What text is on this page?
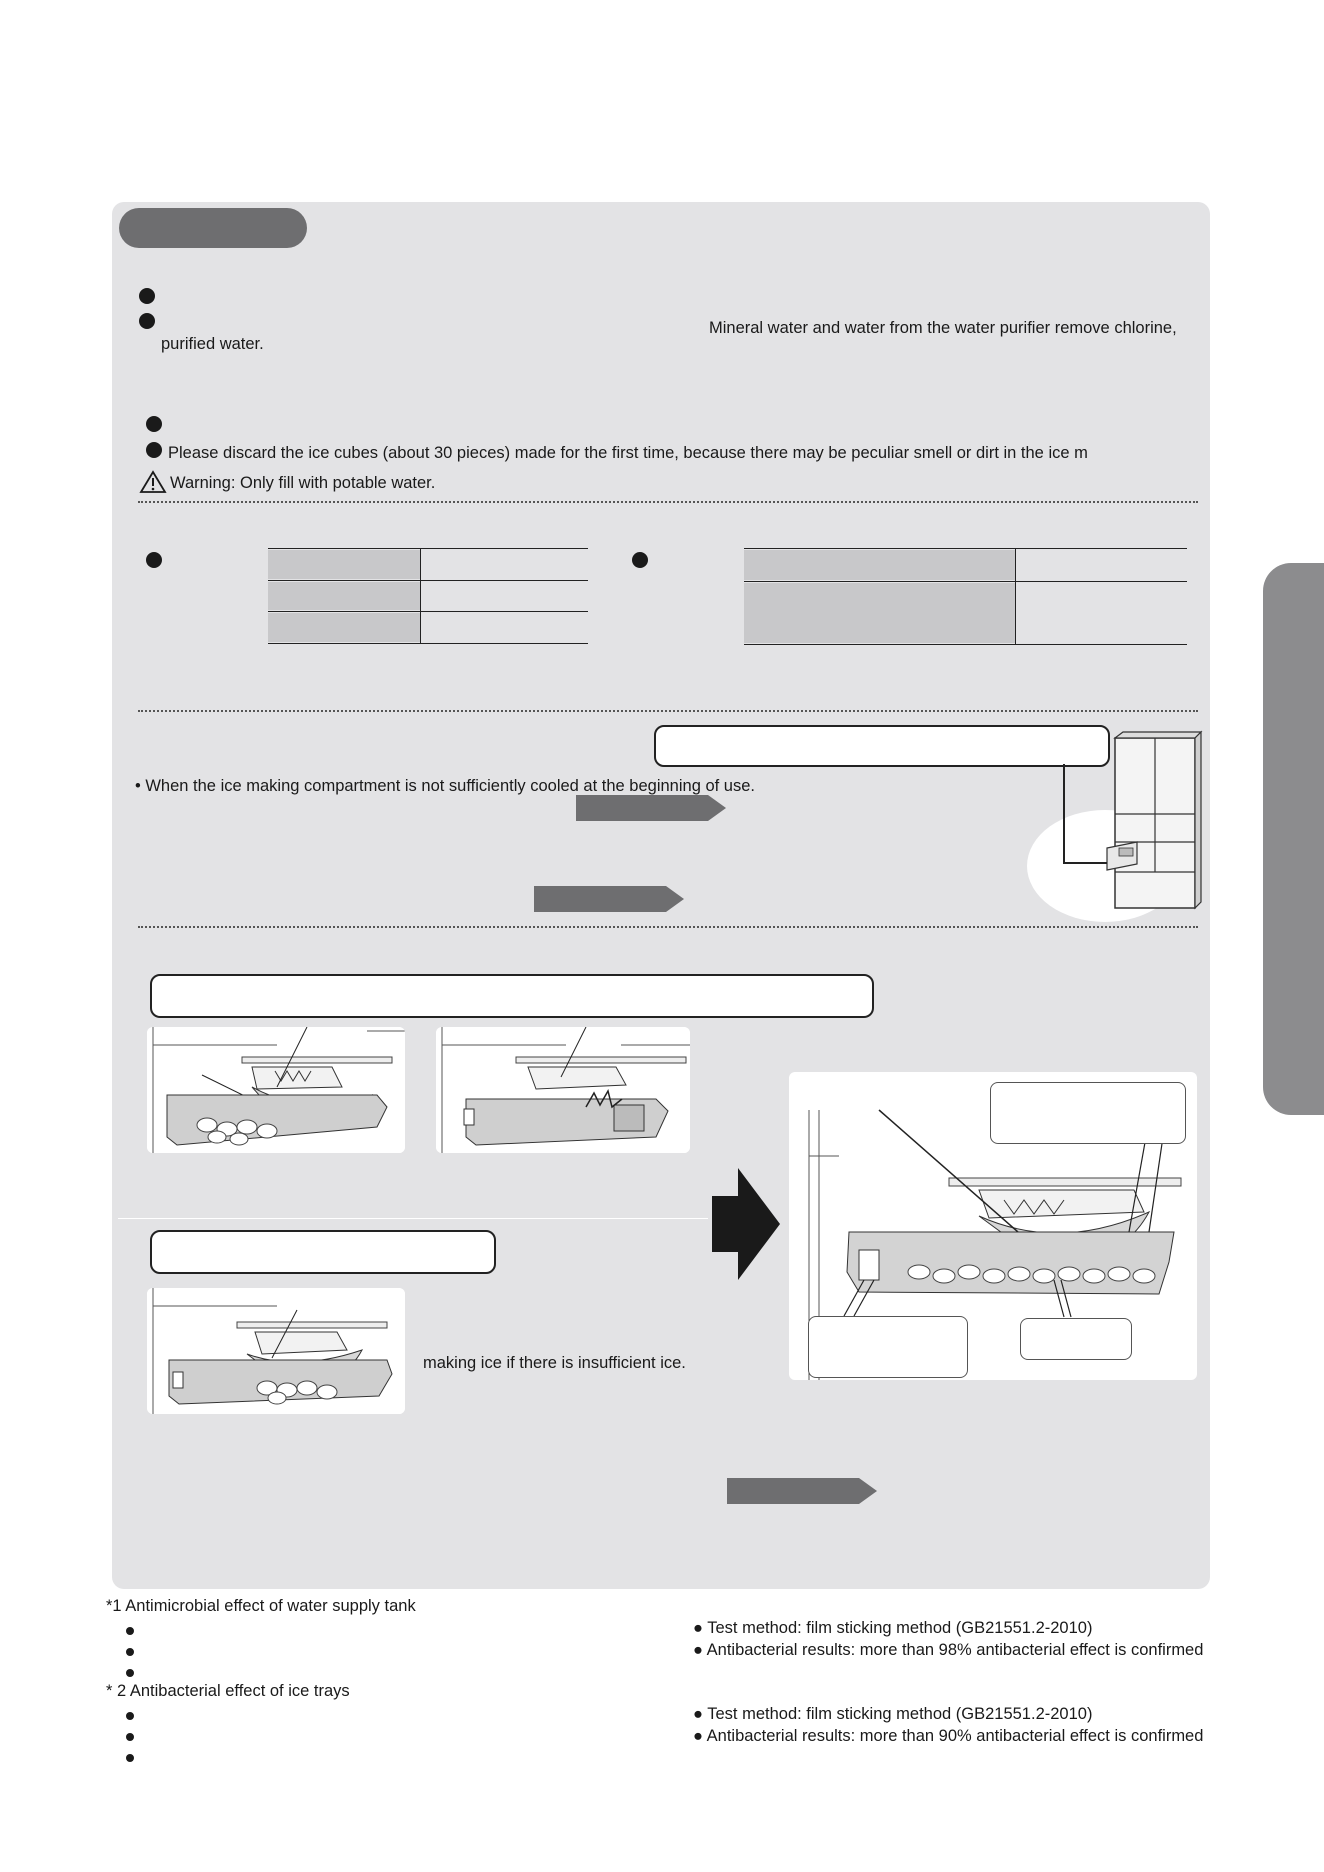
Mineral water and water from the water purifier remove chlorine,
purified water.
Please discard the ice cubes (about 30 pieces) made for the first time, because there may be peculiar smell or dirt in the ice m
Warning: Only fill with potable water.
• When the ice making compartment is not sufficiently cooled at the beginning of use.
making ice if there is insufficient ice.
*1 Antimicrobial effect of water supply tank
● Test method: film sticking method (GB21551.2-2010)
● Antibacterial results: more than 98% antibacterial effect is confirmed
* 2 Antibacterial effect of ice trays
● Test method: film sticking method (GB21551.2-2010)
● Antibacterial results: more than 90% antibacterial effect is confirmed
